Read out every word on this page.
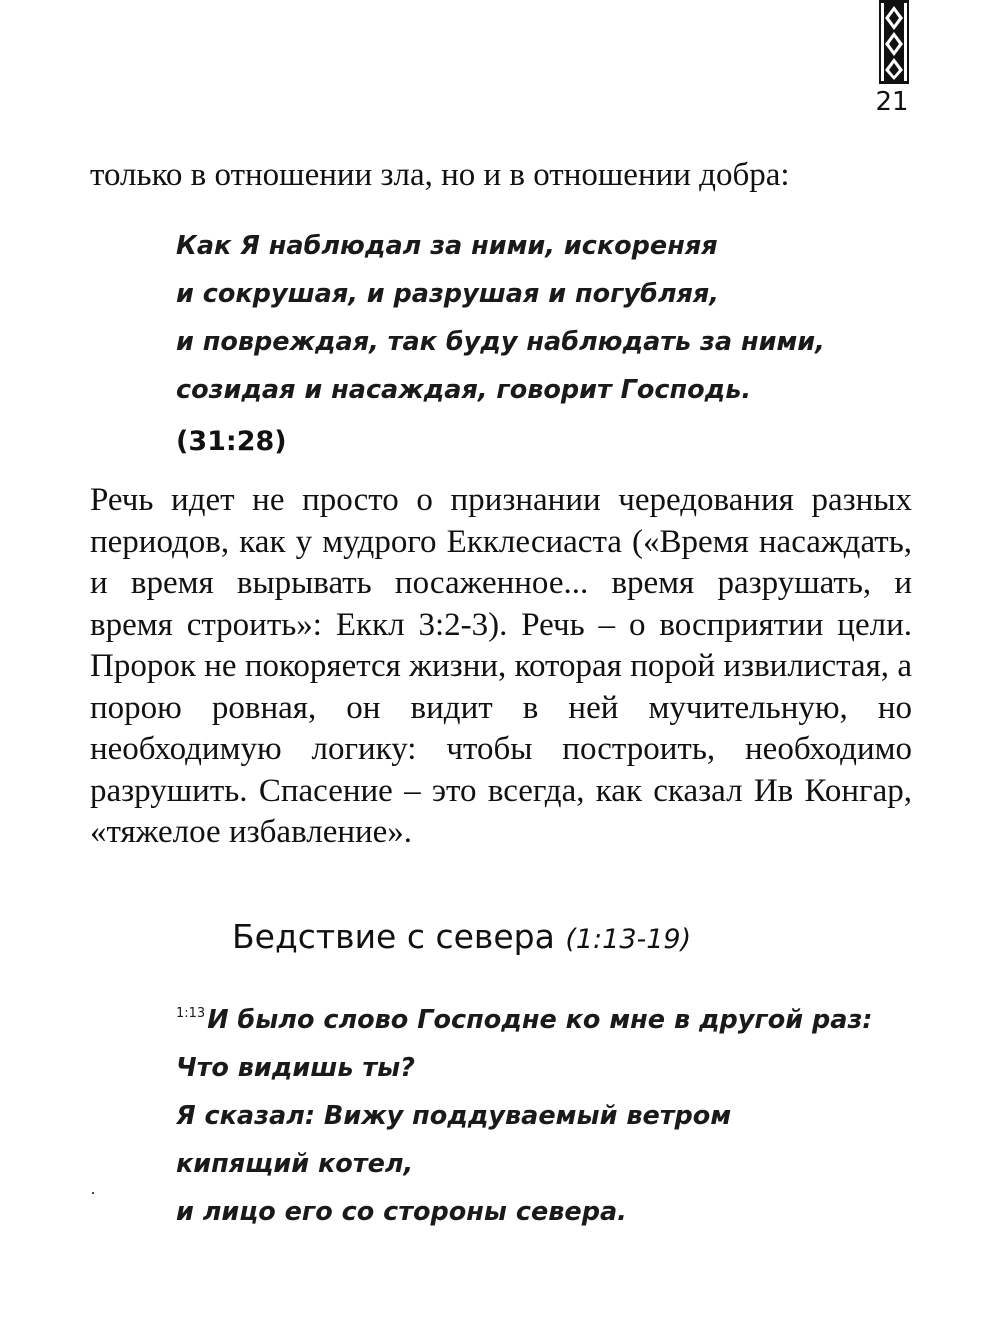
21

только в отношении зла, но и в отношении добра:

Как Я наблюдал за ними, искореняя
и сокрушая, и разрушая и погубляя,
и повреждая, так буду наблюдать за ними,
созидая и насаждая, говорит Господь.
(31:28)

Речь идет не просто о признании чередования разных периодов, как у мудрого Екклесиаста («Время насаждать, и время вырывать посаженное... время разрушать, и время строить»: Еккл 3:2-3). Речь – о восприятии цели. Пророк не покоряется жизни, которая порой извилистая, а порою ровная, он видит в ней мучительную, но необходимую логику: чтобы построить, необходимо разрушить. Спасение – это всегда, как сказал Ив Конгар, «тяжелое избавление».

Бедствие с севера (1:13-19)
$^{1:13}$И было слово Господне ко мне в другой раз:
Что видишь ты?
Я сказал: Вижу поддуваемый ветром
кипящий котел,
и лицо его со стороны севера.
